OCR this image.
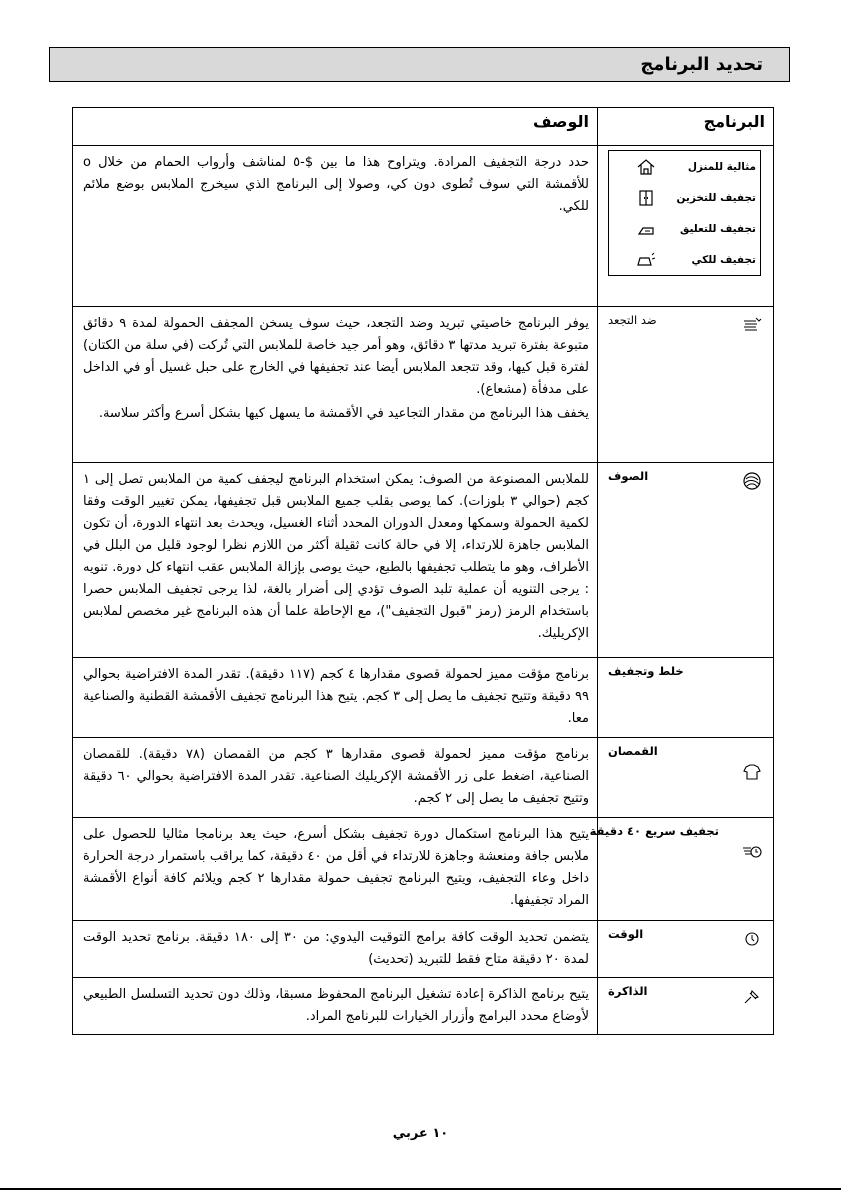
تحديد البرنامج
البرنامج	الوصف

مثالية للمنزل
تجفيف للتخزين
تجفيف للتعليق
تجفيف للكي	حدد درجة التجفيف المرادة. ويتراوح هذا ما بين $-٥ لمناشف وأرواب الحمام من خلال o للأقمشة التي سوف تُطوى دون كي، وصولا إلى البرنامج الذي سيخرج الملابس بوضع ملائم للكي.

ضد التجعد	يوفر البرنامج خاصيتي تبريد وضد التجعد، حيث سوف يسخن المجفف الحمولة لمدة ٩ دقائق متبوعة بفترة تبريد مدتها ٣ دقائق، وهو أمر جيد خاصة للملابس التي تُركت (في سلة من الكتان) لفترة قبل كيها، وقد تتجعد الملابس أيضا عند تجفيفها في الخارج على حبل غسيل أو في الداخل على مدفأة (مشعاع).

يخفف هذا البرنامج من مقدار التجاعيد في الأقمشة ما يسهل كيها بشكل أسرع وأكثر سلاسة.

الصوف	للملابس المصنوعة من الصوف: يمكن استخدام البرنامج ليجفف كمية من الملابس تصل إلى ١ كجم (حوالي ٣ بلوزات). كما يوصى بقلب جميع الملابس قبل تجفيفها، يمكن تغيير الوقت وفقا لكمية الحمولة وسمكها ومعدل الدوران المحدد أثناء الغسيل، ويحدث بعد انتهاء الدورة، أن تكون الملابس جاهزة للارتداء، إلا في حالة كانت ثقيلة أكثر من اللازم نظرا لوجود قليل من البلل في الأطراف، وهو ما يتطلب تجفيفها بالطبع، حيث يوصى بإزالة الملابس عقب انتهاء كل دورة. تنويه : يرجى التنويه أن عملية تلبد الصوف تؤدي إلى أضرار بالغة، لذا يرجى تجفيف الملابس حصرا باستخدام الرمز (رمز "قبول التجفيف")، مع الإحاطة علما أن هذه البرنامج غير مخصص لملابس الإكريليك.

خلط وتجفيف	برنامج مؤقت مميز لحمولة قصوى مقدارها ٤ كجم (١١٧ دقيقة). تقدر المدة الافتراضية بحوالي ٩٩ دقيقة وتتيح تجفيف ما يصل إلى ٣ كجم. يتيح هذا البرنامج تجفيف الأقمشة القطنية والصناعية معا.

القمصان	برنامج مؤقت مميز لحمولة قصوى مقدارها ٣ كجم من القمصان (٧٨ دقيقة). للقمصان الصناعية، اضغط على زر الأقمشة الإكريليك الصناعية. تقدر المدة الافتراضية بحوالي ٦٠ دقيقة وتتيح تجفيف ما يصل إلى ٢ كجم.

تجفيف سريع ٤٠ دقيقة	يتيح هذا البرنامج استكمال دورة تجفيف بشكل أسرع، حيث يعد برنامجا مثاليا للحصول على ملابس جافة ومنعشة وجاهزة للارتداء في أقل من ٤٠ دقيقة، كما يراقب باستمرار درجة الحرارة داخل وعاء التجفيف، ويتيح البرنامج تجفيف حمولة مقدارها ٢ كجم ويلائم كافة أنواع الأقمشة المراد تجفيفها.

الوقت	يتضمن تحديد الوقت كافة برامج التوقيت اليدوي: من ٣٠ إلى ١٨٠ دقيقة. برنامج تحديد الوقت لمدة ٢٠ دقيقة متاح فقط للتبريد (تحديث)

الذاكرة	يتيح برنامج الذاكرة إعادة تشغيل البرنامج المحفوظ مسبقا، وذلك دون تحديد التسلسل الطبيعي لأوضاع محدد البرامج وأزرار الخيارات للبرنامج المراد.

١٠ عربي
